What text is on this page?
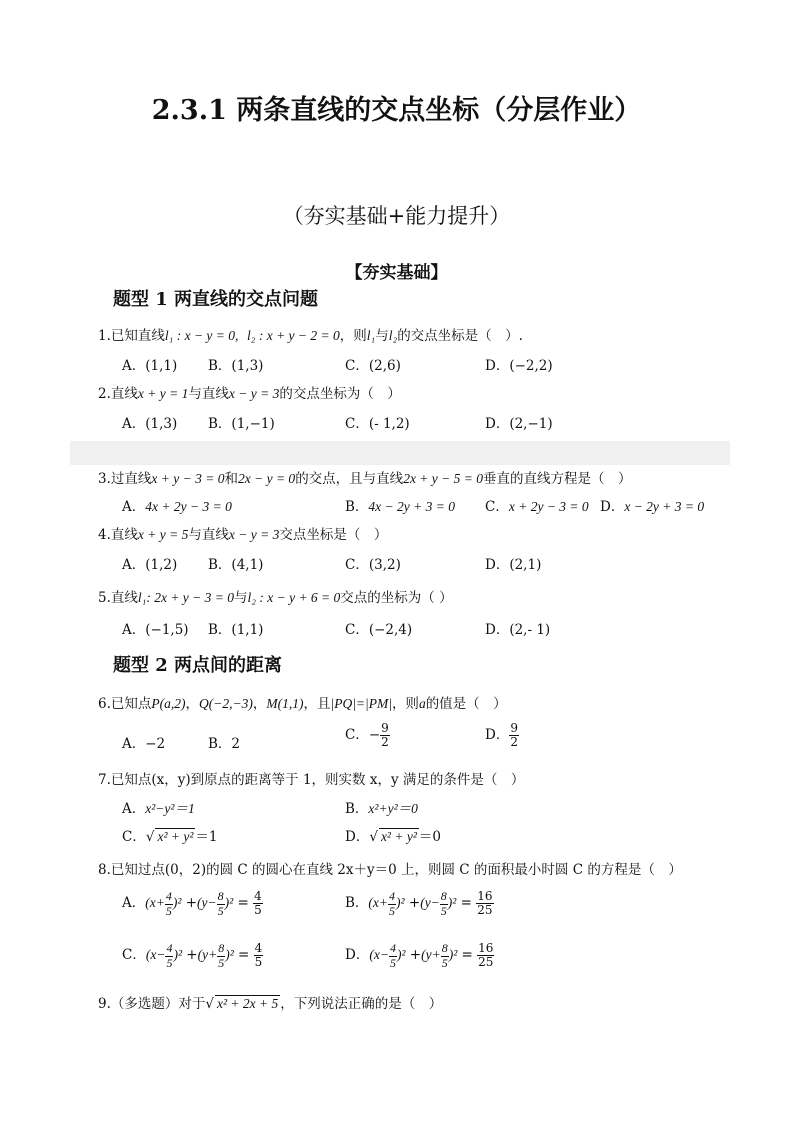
2.3.1 两条直线的交点坐标（分层作业）
（夯实基础+能力提升）
【夯实基础】
题型 1 两直线的交点问题
1.已知直线l₁ : x − y = 0, l₂ : x + y − 2 = 0，则l₁与l₂的交点坐标是（　）.
A．(1,1) B．(1,3)	C．(2,6)	D．(−2,2)
2.直线x + y = 1与直线x − y = 3的交点坐标为（　）
A．(1,3) B．(1,−1)	C．(- 1,2)	D．(2,−1)
3.过直线x + y − 3 = 0和2x − y = 0的交点，且与直线2x + y − 5 = 0垂直的直线方程是（　）
A．4x + 2y − 3 = 0	B．4x − 2y + 3 = 0 C．x + 2y − 3 = 0 D．x − 2y + 3 = 0
4.直线x + y = 5与直线x − y = 3交点坐标是（　）
A．(1,2) B．(4,1)	C．(3,2)	D．(2,1)
5.直线l₁: 2x + y − 3 = 0与l₂ : x − y + 6 = 0交点的坐标为（ ）
A．(−1,5) B．(1,1)	C．(−2,4)	D．(2,- 1)
题型 2 两点间的距离
6.已知点P(a,2)，Q(−2,−3)，M(1,1)，且|PQ|=|PM|，则a的值是（　）
A．−2	B．2
C．− $\frac{9}{2}$	D． $\frac{9}{2}$
7.已知点(x，y)到原点的距离等于 1，则实数 x，y 满足的条件是（　）
A．x²−y²＝1	B．x²+y²＝0
C．√ x² + y² ＝1	D．√ x² + y² ＝0
8.已知过点(0，2)的圆 C 的圆心在直线 2x＋y＝0 上，则圆 C 的面积最小时圆 C 的方程是（　）
A．$(x+ \frac{4}{5} )^2 +(y- \frac{8}{5} )^2 = \frac{4}{5}$	B．$(x+ \frac{4}{5} )^2 +(y- \frac{8}{5} )^2 = \frac{16}{25}$
C．$(x- \frac{4}{5} )^2 +(y+ \frac{8}{5} )^2 = \frac{4}{5}$	D．$(x- \frac{4}{5} )^2 +(y+ \frac{8}{5} )^2 = \frac{16}{25}$
9.（多选题）对于√ x² + 2x + 5 ，下列说法正确的是（　）
